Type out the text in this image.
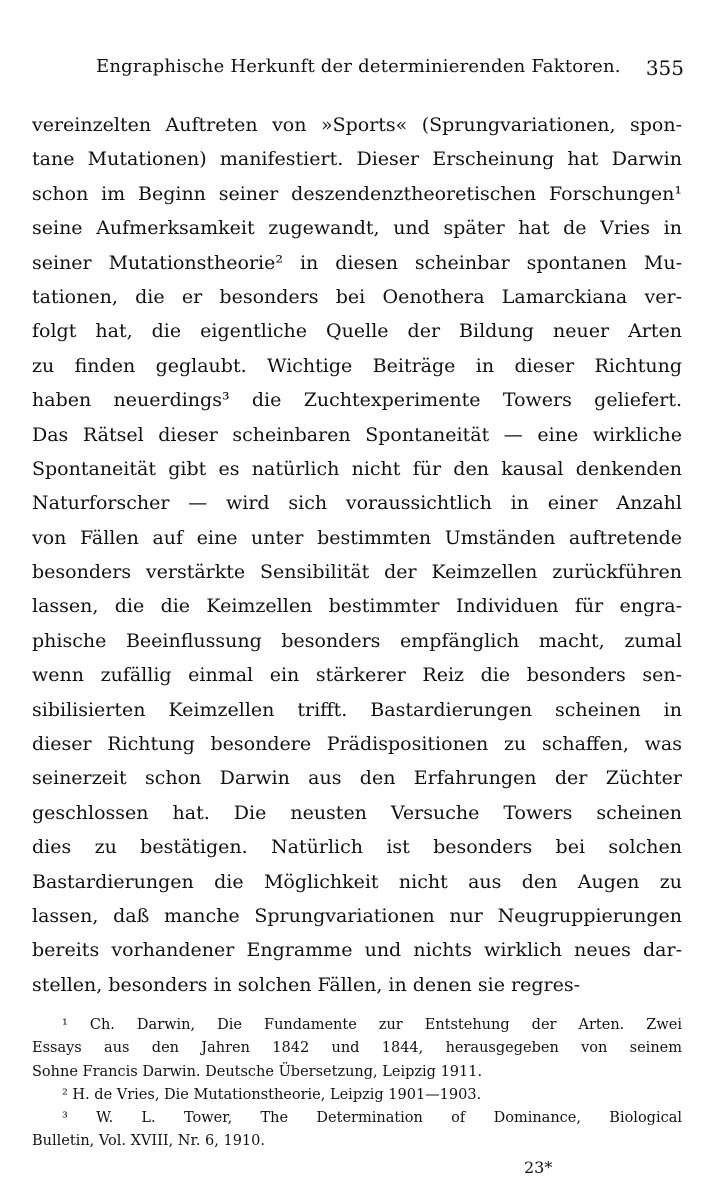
Engraphische Herkunft der determinierenden Faktoren. 355
vereinzelten Auftreten von »Sports« (Sprungvariationen, spon-
tane Mutationen) manifestiert. Dieser Erscheinung hat Darwin
schon im Beginn seiner deszendenztheoretischen Forschungen¹
seine Aufmerksamkeit zugewandt, und später hat de Vries in
seiner Mutationstheorie² in diesen scheinbar spontanen Mu-
tationen, die er besonders bei Oenothera Lamarckiana ver-
folgt hat, die eigentliche Quelle der Bildung neuer Arten
zu finden geglaubt. Wichtige Beiträge in dieser Richtung
haben neuerdings³ die Zuchtexperimente Towers geliefert.
Das Rätsel dieser scheinbaren Spontaneität — eine wirkliche
Spontaneität gibt es natürlich nicht für den kausal denkenden
Naturforscher — wird sich voraussichtlich in einer Anzahl
von Fällen auf eine unter bestimmten Umständen auftretende
besonders verstärkte Sensibilität der Keimzellen zurückführen
lassen, die die Keimzellen bestimmter Individuen für engra-
phische Beeinflussung besonders empfänglich macht, zumal
wenn zufällig einmal ein stärkerer Reiz die besonders sen-
sibilisierten Keimzellen trifft. Bastardierungen scheinen in
dieser Richtung besondere Prädispositionen zu schaffen, was
seinerzeit schon Darwin aus den Erfahrungen der Züchter
geschlossen hat. Die neusten Versuche Towers scheinen
dies zu bestätigen. Natürlich ist besonders bei solchen
Bastardierungen die Möglichkeit nicht aus den Augen zu
lassen, daß manche Sprungvariationen nur Neugruppierungen
bereits vorhandener Engramme und nichts wirklich neues dar-
stellen, besonders in solchen Fällen, in denen sie regres-
¹ Ch. Darwin, Die Fundamente zur Entstehung der Arten. Zwei
Essays aus den Jahren 1842 und 1844, herausgegeben von seinem
Sohne Francis Darwin. Deutsche Übersetzung, Leipzig 1911.
² H. de Vries, Die Mutationstheorie, Leipzig 1901—1903.
³ W. L. Tower, The Determination of Dominance, Biological
Bulletin, Vol. XVIII, Nr. 6, 1910.
23*
